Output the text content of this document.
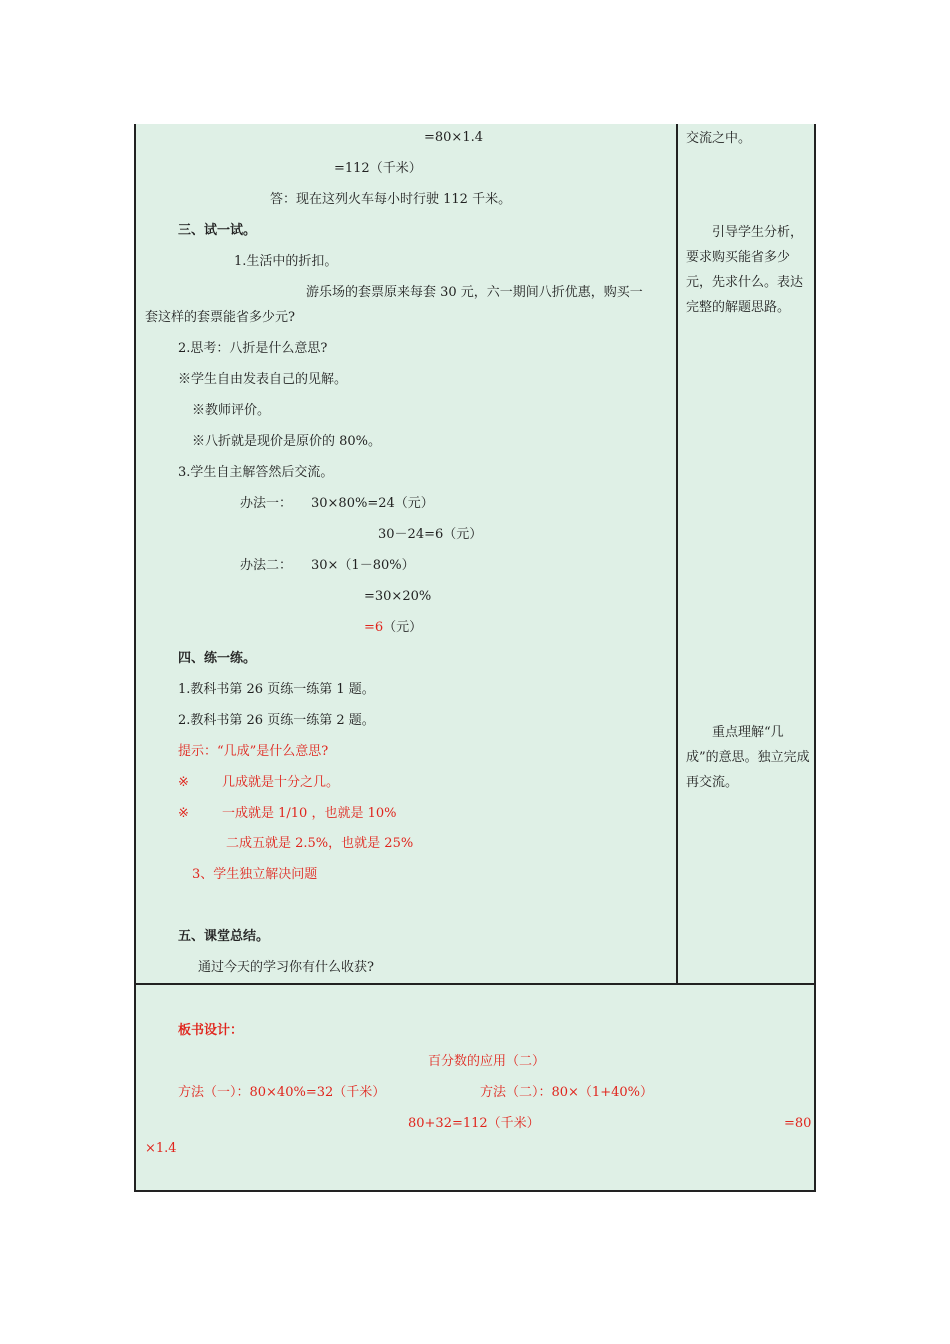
=80×1.4
=112（千米）
答：现在这列火车每小时行驶 112 千米。
三、试一试。
1.生活中的折扣。
游乐场的套票原来每套 30 元，六一期间八折优惠，购买一
套这样的套票能省多少元?
2.思考：八折是什么意思?
※学生自由发表自己的见解。
※教师评价。
※八折就是现价是原价的 80%。
3.学生自主解答然后交流。
办法一： 30×80%=24（元）
30－24=6（元）
办法二： 30×（1－80%）
=30×20%
=6（元）
四、练一练。
1.教科书第 26 页练一练第 1 题。
2.教科书第 26 页练一练第 2 题。
提示：“几成”是什么意思?
※	几成就是十分之几。
※	一成就是 1/10 ，也就是 10%
二成五就是 2.5%，也就是 25%
3、学生独立解决问题
五、课堂总结。
通过今天的学习你有什么收获?
交流之中。
引导学生分析，要求购买能省多少元，先求什么。表达完整的解题思路。
重点理解“几成”的意思。独立完成再交流。
板书设计：
百分数的应用（二）
方法（一）：80×40%=32（千米）	方法（二）：80×（1+40%）
80+32=112（千米）	=80
×1.4
